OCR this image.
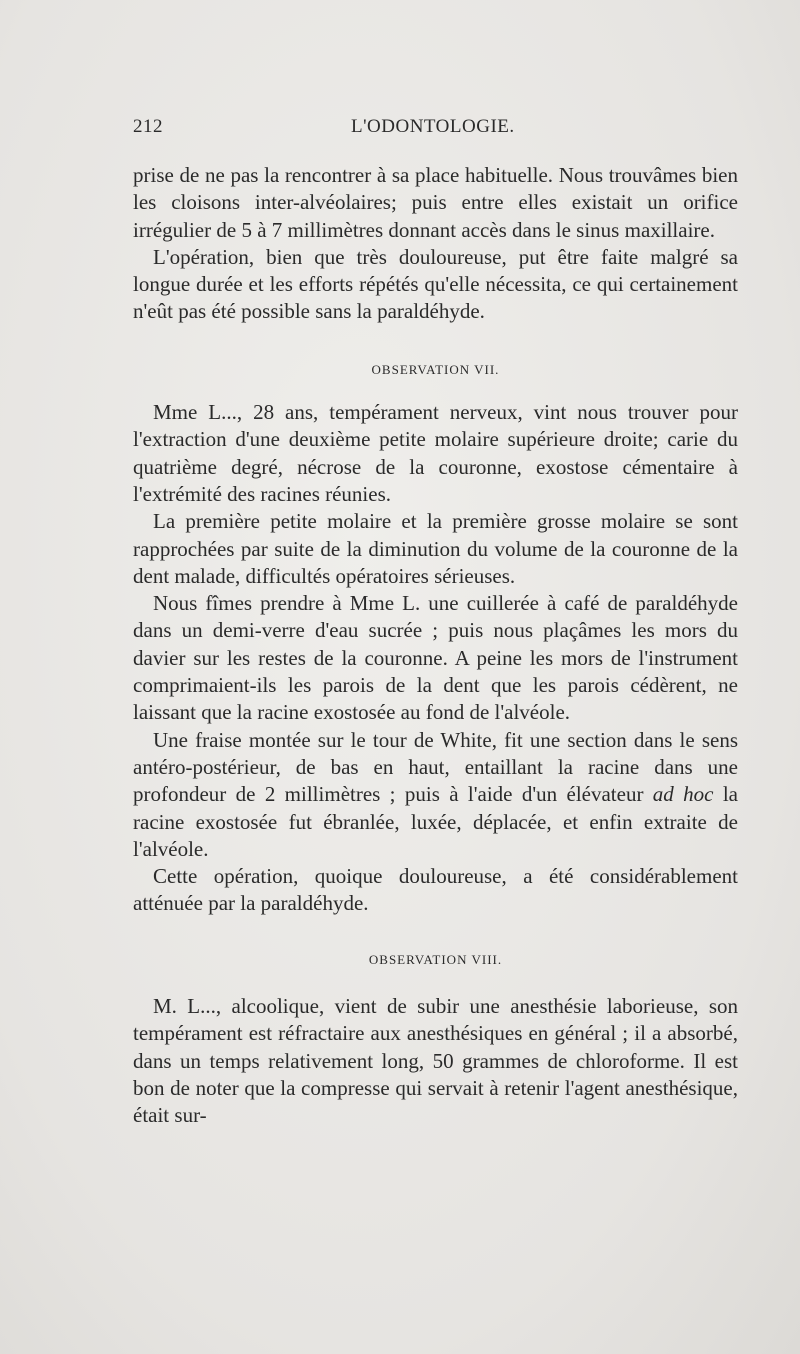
212	L'ODONTOLOGIE.

prise de ne pas la rencontrer à sa place habituelle. Nous trouvâmes bien les cloisons inter-alvéolaires; puis entre elles existait un orifice irrégulier de 5 à 7 millimètres donnant accès dans le sinus maxillaire.

L'opération, bien que très douloureuse, put être faite malgré sa longue durée et les efforts répétés qu'elle nécessita, ce qui certainement n'eût pas été possible sans la paraldéhyde.

OBSERVATION VII.

Mme L..., 28 ans, tempérament nerveux, vint nous trouver pour l'extraction d'une deuxième petite molaire supérieure droite; carie du quatrième degré, nécrose de la couronne, exostose cémentaire à l'extrémité des racines réunies.

La première petite molaire et la première grosse molaire se sont rapprochées par suite de la diminution du volume de la couronne de la dent malade, difficultés opératoires sérieuses.

Nous fîmes prendre à Mme L. une cuillerée à café de paraldéhyde dans un demi-verre d'eau sucrée ; puis nous plaçâmes les mors du davier sur les restes de la couronne. A peine les mors de l'instrument comprimaient-ils les parois de la dent que les parois cédèrent, ne laissant que la racine exostosée au fond de l'alvéole.

Une fraise montée sur le tour de White, fit une section dans le sens antéro-postérieur, de bas en haut, entaillant la racine dans une profondeur de 2 millimètres ; puis à l'aide d'un élévateur ad hoc la racine exostosée fut ébranlée, luxée, déplacée, et enfin extraite de l'alvéole.

Cette opération, quoique douloureuse, a été considérablement atténuée par la paraldéhyde.

OBSERVATION VIII.

M. L..., alcoolique, vient de subir une anesthésie laborieuse, son tempérament est réfractaire aux anesthésiques en général ; il a absorbé, dans un temps relativement long, 50 grammes de chloroforme. Il est bon de noter que la compresse qui servait à retenir l'agent anesthésique, était sur-
